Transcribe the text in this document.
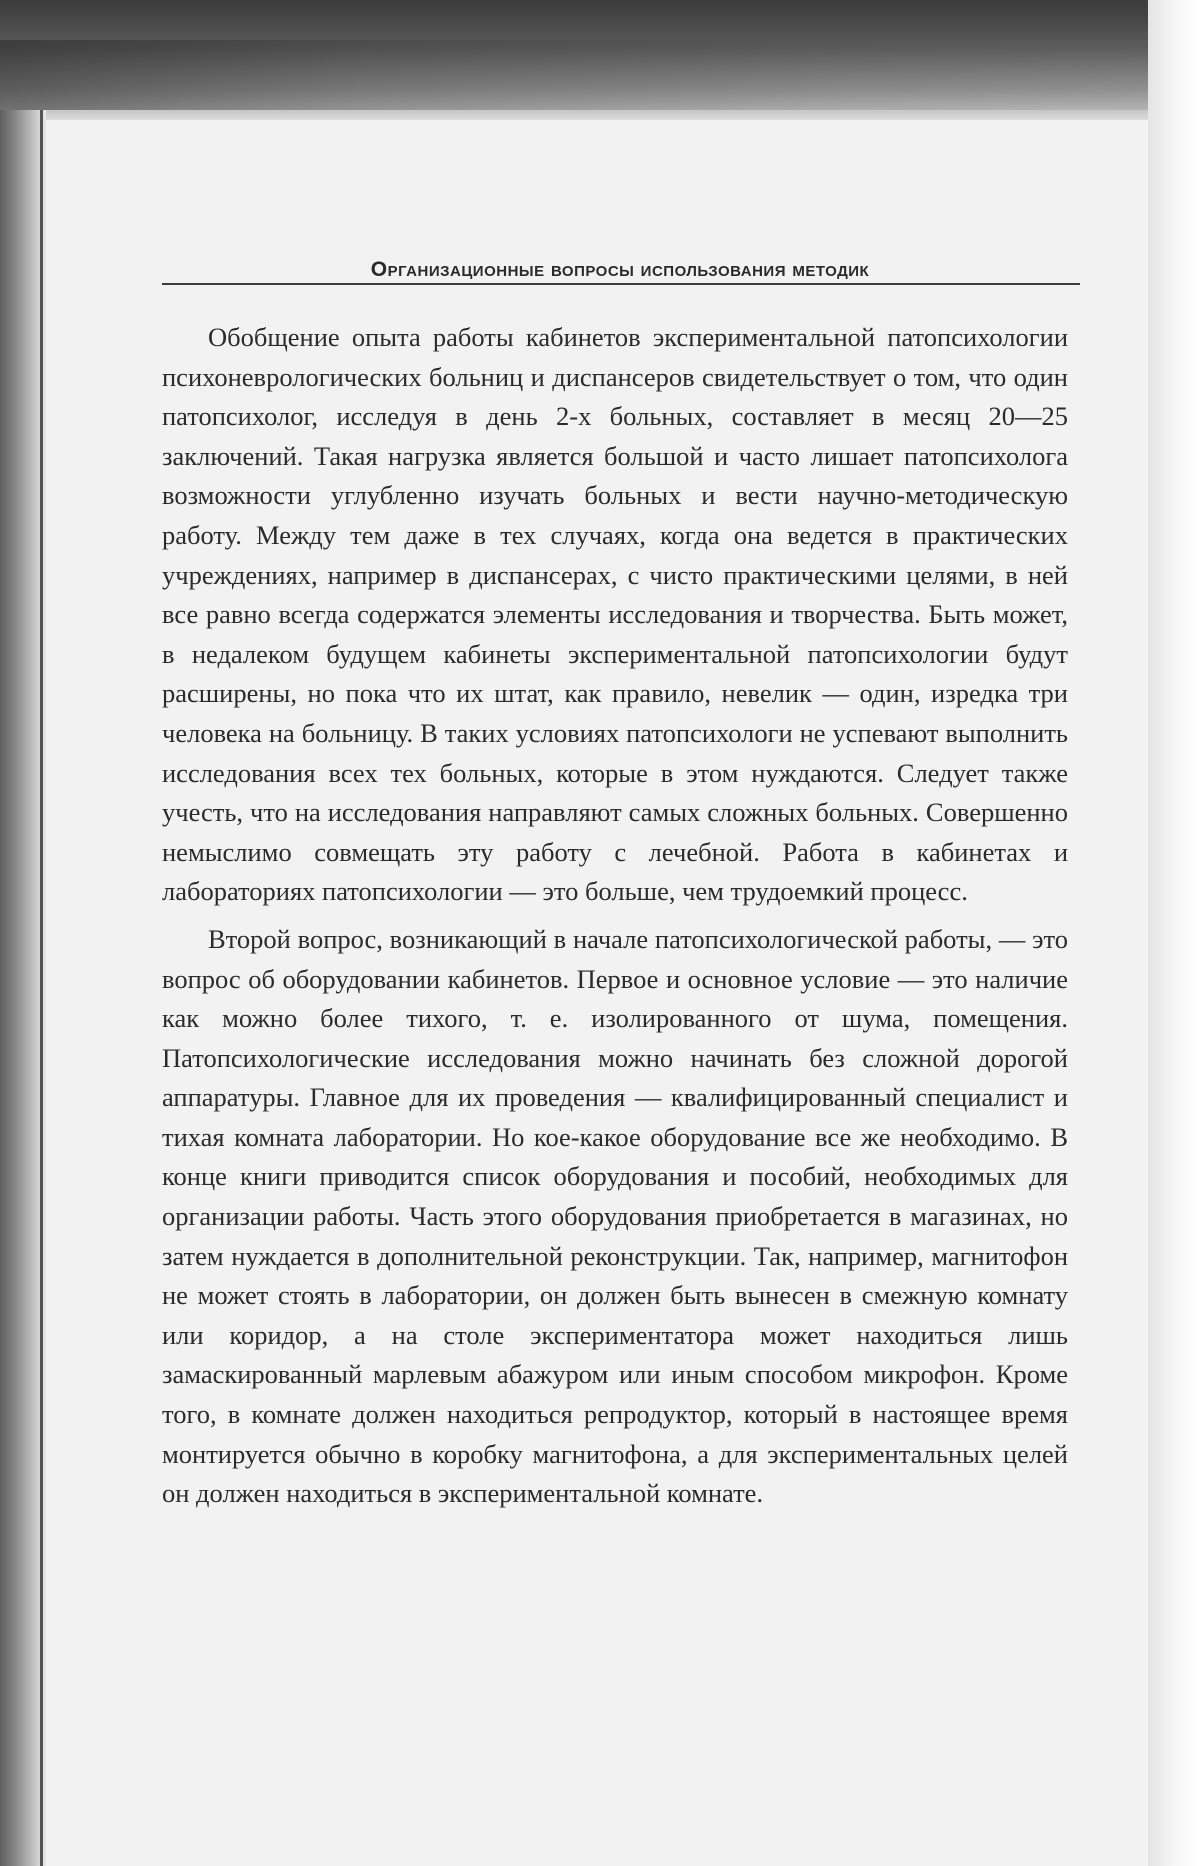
Организационные вопросы использования методик

Обобщение опыта работы кабинетов экспериментальной патопсихологии психоневрологических больниц и диспансеров свидетельствует о том, что один патопсихолог, исследуя в день 2-х больных, составляет в месяц 20—25 заключений. Такая нагрузка является большой и часто лишает патопсихолога возможности углубленно изучать больных и вести научно-методическую работу. Между тем даже в тех случаях, когда она ведется в практических учреждениях, например в диспансерах, с чисто практическими целями, в ней все равно всегда содержатся элементы исследования и творчества. Быть может, в недалеком будущем кабинеты экспериментальной патопсихологии будут расширены, но пока что их штат, как правило, невелик — один, изредка три человека на больницу. В таких условиях патопсихологи не успевают выполнить исследования всех тех больных, которые в этом нуждаются. Следует также учесть, что на исследования направляют самых сложных больных. Совершенно немыслимо совмещать эту работу с лечебной. Работа в кабинетах и лабораториях патопсихологии — это больше, чем трудоемкий процесс.

Второй вопрос, возникающий в начале патопсихологической работы, — это вопрос об оборудовании кабинетов. Первое и основное условие — это наличие как можно более тихого, т. е. изолированного от шума, помещения. Патопсихологические исследования можно начинать без сложной дорогой аппаратуры. Главное для их проведения — квалифицированный специалист и тихая комната лаборатории. Но кое-какое оборудование все же необходимо. В конце книги приводится список оборудования и пособий, необходимых для организации работы. Часть этого оборудования приобретается в магазинах, но затем нуждается в дополнительной реконструкции. Так, например, магнитофон не может стоять в лаборатории, он должен быть вынесен в смежную комнату или коридор, а на столе экспериментатора может находиться лишь замаскированный марлевым абажуром или иным способом микрофон. Кроме того, в комнате должен находиться репродуктор, который в настоящее время монтируется обычно в коробку магнитофона, а для экспериментальных целей он должен находиться в экспериментальной комнате.
